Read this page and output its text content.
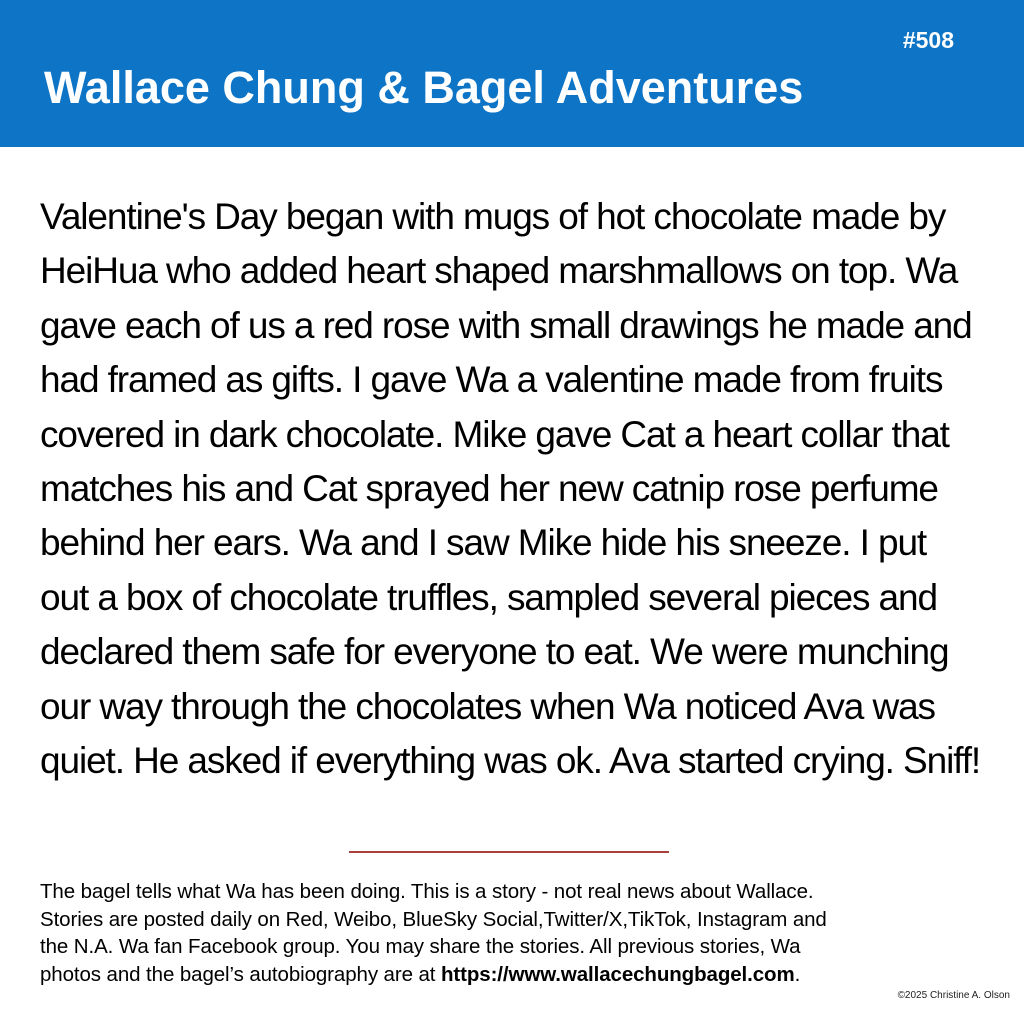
#508
Wallace Chung & Bagel Adventures
Valentine's Day began with mugs of hot chocolate made by
HeiHua who added heart shaped marshmallows on top. Wa
gave each of us a red rose with small drawings he made and
had framed as gifts. I gave Wa a valentine made from fruits
covered in dark chocolate. Mike gave Cat a heart collar that
matches his and Cat sprayed her new catnip rose perfume
behind her ears. Wa and I saw Mike hide his sneeze. I put
out a box of chocolate truffles, sampled several pieces and
declared them safe for everyone to eat. We were munching
our way through the chocolates when Wa noticed Ava was
quiet. He asked if everything was ok. Ava started crying. Sniff!
The bagel tells what Wa has been doing. This is a story - not real news about Wallace.
Stories are posted daily on Red, Weibo, BlueSky Social,Twitter/X,TikTok, Instagram and
the N.A. Wa fan Facebook group. You may share the stories. All previous stories, Wa
photos and the bagel’s autobiography are at https://www.wallacechungbagel.com.
©2025 Christine A. Olson
